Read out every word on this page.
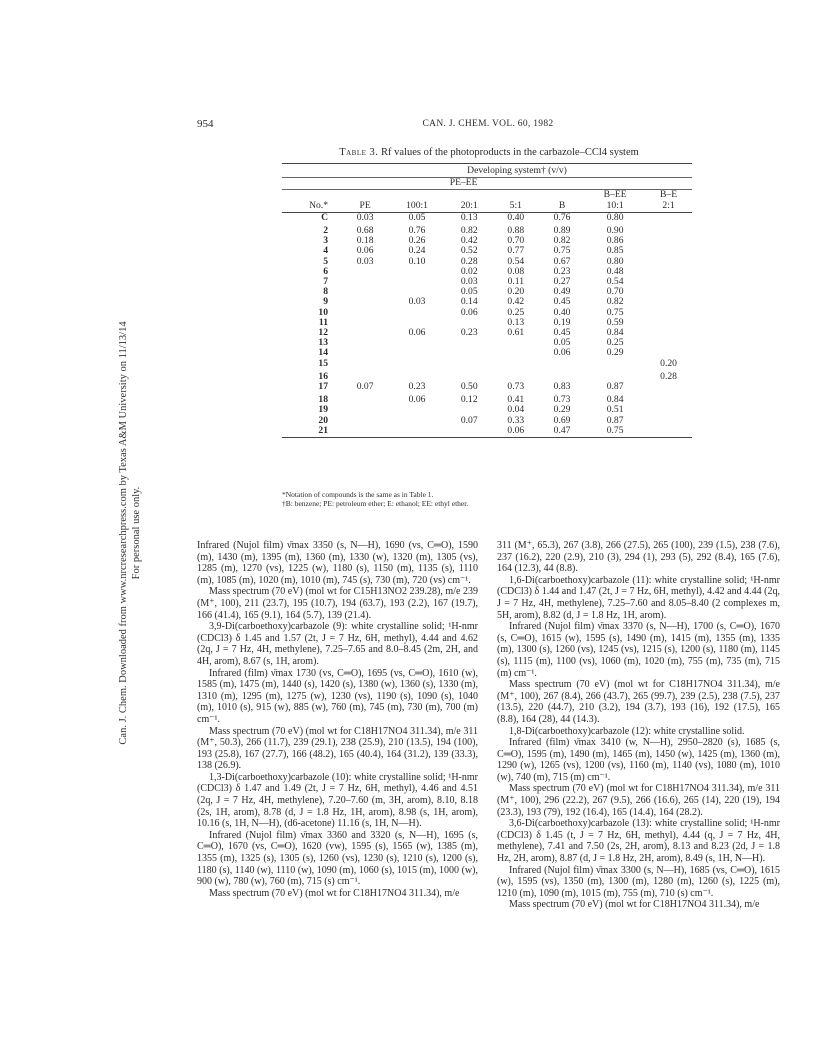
Can. J. Chem. Downloaded from www.nrcresearchpress.com by Texas A&M University on 11/13/14 For personal use only.
954	CAN. J. CHEM. VOL. 60, 1982
Table 3. Rf values of the photoproducts in the carbazole–CCl4 system

	Developing system† (v/v)						

		PE–EE					

						B–EE	B–E
No.*	PE	100:1	20:1	5:1	B	10:1	2:1

C	0.03	0.05	0.13	0.40	0.76	0.80	

2	0.68	0.76	0.82	0.88	0.89	0.90	
3	0.18	0.26	0.42	0.70	0.82	0.86	
4	0.06	0.24	0.52	0.77	0.75	0.85	
5	0.03	0.10	0.28	0.54	0.67	0.80	
6			0.02	0.08	0.23	0.48	
7			0.03	0.11	0.27	0.54	
8			0.05	0.20	0.49	0.70	
9		0.03	0.14	0.42	0.45	0.82	
10			0.06	0.25	0.40	0.75	
11				0.13	0.19	0.59	
12		0.06	0.23	0.61	0.45	0.84	
13					0.05	0.25	
14					0.06	0.29	
15							0.20

16							0.28
17	0.07	0.23	0.50	0.73	0.83	0.87	

18		0.06	0.12	0.41	0.73	0.84	
19				0.04	0.29	0.51	
20			0.07	0.33	0.69	0.87	
21				0.06	0.47	0.75	

*Notation of compounds is the same as in Table 1.
†B: benzene; PE: petroleum ether; E: ethanol; EE: ethyl ether.

Infrared (Nujol film) ν̄max 3350 (s, N—H), 1690 (vs, C═O), 1590 (m), 1430 (m), 1395 (m), 1360 (m), 1330 (w), 1320 (m), 1305 (vs), 1285 (m), 1270 (vs), 1225 (w), 1180 (s), 1150 (m), 1135 (s), 1110 (m), 1085 (m), 1020 (m), 1010 (m), 745 (s), 730 (m), 720 (vs) cm⁻¹.

Mass spectrum (70 eV) (mol wt for C15H13NO2 239.28), m/e 239 (M⁺, 100), 211 (23.7), 195 (10.7), 194 (63.7), 193 (2.2), 167 (19.7), 166 (41.4), 165 (9.1), 164 (5.7), 139 (21.4).

3,9-Di(carboethoxy)carbazole (9): white crystalline solid; ¹H-nmr (CDCl3) δ 1.45 and 1.57 (2t, J = 7 Hz, 6H, methyl), 4.44 and 4.62 (2q, J = 7 Hz, 4H, methylene), 7.25–7.65 and 8.0–8.45 (2m, 2H, and 4H, arom), 8.67 (s, 1H, arom).

Infrared (film) ν̄max 1730 (vs, C═O), 1695 (vs, C═O), 1610 (w), 1585 (m), 1475 (m), 1440 (s), 1420 (s), 1380 (w), 1360 (s), 1330 (m), 1310 (m), 1295 (m), 1275 (w), 1230 (vs), 1190 (s), 1090 (s), 1040 (m), 1010 (s), 915 (w), 885 (w), 760 (m), 745 (m), 730 (m), 700 (m) cm⁻¹.

Mass spectrum (70 eV) (mol wt for C18H17NO4 311.34), m/e 311 (M⁺, 50.3), 266 (11.7), 239 (29.1), 238 (25.9), 210 (13.5), 194 (100), 193 (25.8), 167 (27.7), 166 (48.2), 165 (40.4), 164 (31.2), 139 (33.3), 138 (26.9).

1,3-Di(carboethoxy)carbazole (10): white crystalline solid; ¹H-nmr (CDCl3) δ 1.47 and 1.49 (2t, J = 7 Hz, 6H, methyl), 4.46 and 4.51 (2q, J = 7 Hz, 4H, methylene), 7.20–7.60 (m, 3H, arom), 8.10, 8.18 (2s, 1H, arom), 8.78 (d, J = 1.8 Hz, 1H, arom), 8.98 (s, 1H, arom), 10.16 (s, 1H, N—H), (d6-acetone) 11.16 (s, 1H, N—H).

Infrared (Nujol film) ν̄max 3360 and 3320 (s, N—H), 1695 (s, C═O), 1670 (vs, C═O), 1620 (vw), 1595 (s), 1565 (w), 1385 (m), 1355 (m), 1325 (s), 1305 (s), 1260 (vs), 1230 (s), 1210 (s), 1200 (s), 1180 (s), 1140 (w), 1110 (w), 1090 (m), 1060 (s), 1015 (m), 1000 (w), 900 (w), 780 (w), 760 (m), 715 (s) cm⁻¹.

Mass spectrum (70 eV) (mol wt for C18H17NO4 311.34), m/e

311 (M⁺, 65.3), 267 (3.8), 266 (27.5), 265 (100), 239 (1.5), 238 (7.6), 237 (16.2), 220 (2.9), 210 (3), 294 (1), 293 (5), 292 (8.4), 165 (7.6), 164 (12.3), 44 (8.8).

1,6-Di(carboethoxy)carbazole (11): white crystalline solid; ¹H-nmr (CDCl3) δ 1.44 and 1.47 (2t, J = 7 Hz, 6H, methyl), 4.42 and 4.44 (2q, J = 7 Hz, 4H, methylene), 7.25–7.60 and 8.05–8.40 (2 complexes m, 5H, arom), 8.82 (d, J = 1.8 Hz, 1H, arom).

Infrared (Nujol film) ν̄max 3370 (s, N—H), 1700 (s, C═O), 1670 (s, C═O), 1615 (w), 1595 (s), 1490 (m), 1415 (m), 1355 (m), 1335 (m), 1300 (s), 1260 (vs), 1245 (vs), 1215 (s), 1200 (s), 1180 (m), 1145 (s), 1115 (m), 1100 (vs), 1060 (m), 1020 (m), 755 (m), 735 (m), 715 (m) cm⁻¹.

Mass spectrum (70 eV) (mol wt for C18H17NO4 311.34), m/e (M⁺, 100), 267 (8.4), 266 (43.7), 265 (99.7), 239 (2.5), 238 (7.5), 237 (13.5), 220 (44.7), 210 (3.2), 194 (3.7), 193 (16), 192 (17.5), 165 (8.8), 164 (28), 44 (14.3).

1,8-Di(carboethoxy)carbazole (12): white crystalline solid.

Infrared (film) ν̄max 3410 (w, N—H), 2950–2820 (s), 1685 (s, C═O), 1595 (m), 1490 (m), 1465 (m), 1450 (w), 1425 (m), 1360 (m), 1290 (w), 1265 (vs), 1200 (vs), 1160 (m), 1140 (vs), 1080 (m), 1010 (w), 740 (m), 715 (m) cm⁻¹.

Mass spectrum (70 eV) (mol wt for C18H17NO4 311.34), m/e 311 (M⁺, 100), 296 (22.2), 267 (9.5), 266 (16.6), 265 (14), 220 (19), 194 (23.3), 193 (79), 192 (16.4), 165 (14.4), 164 (28.2).

3,6-Di(carboethoxy)carbazole (13): white crystalline solid; ¹H-nmr (CDCl3) δ 1.45 (t, J = 7 Hz, 6H, methyl), 4.44 (q, J = 7 Hz, 4H, methylene), 7.41 and 7.50 (2s, 2H, arom), 8.13 and 8.23 (2d, J = 1.8 Hz, 2H, arom), 8.87 (d, J = 1.8 Hz, 2H, arom), 8.49 (s, 1H, N—H).

Infrared (Nujol film) ν̄max 3300 (s, N—H), 1685 (vs, C═O), 1615 (w), 1595 (vs), 1350 (m), 1300 (m), 1280 (m), 1260 (s), 1225 (m), 1210 (m), 1090 (m), 1015 (m), 755 (m), 710 (s) cm⁻¹.

Mass spectrum (70 eV) (mol wt for C18H17NO4 311.34), m/e
